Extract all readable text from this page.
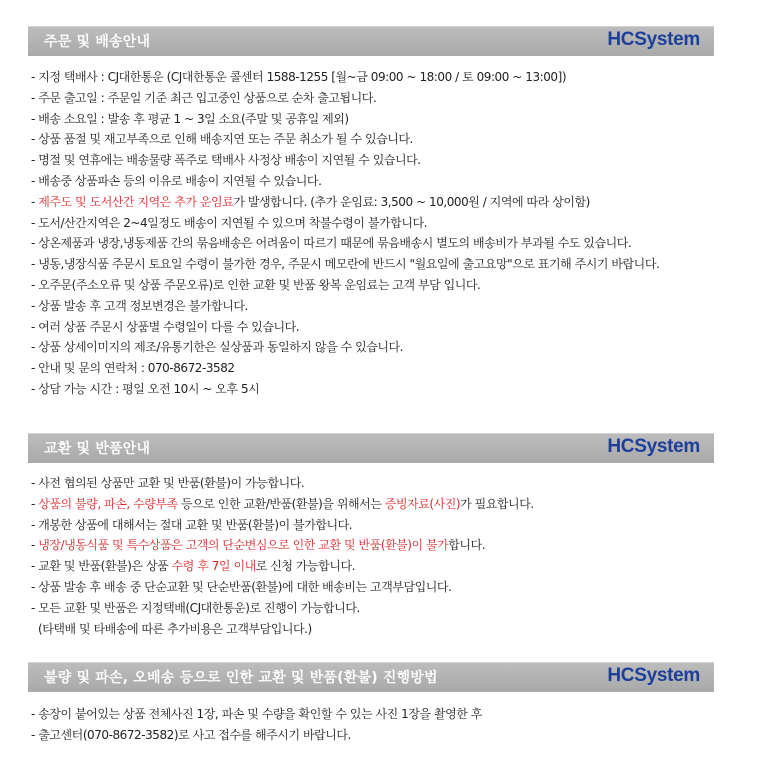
주문 및 배송안내	HCSystem
- 지정 택배사 : CJ대한통운 (CJ대한통운 콜센터 1588-1255 [월~금 09:00 ~ 18:00 / 토 09:00 ~ 13:00])
- 주문 출고일 : 주문일 기준 최근 입고중인 상품으로 순차 출고됩니다.
- 배송 소요일 : 발송 후 평균 1 ~ 3일 소요(주말 및 공휴일 제외)
- 상품 품절 및 재고부족으로 인해 배송지연 또는 주문 취소가 될 수 있습니다.
- 명절 및 연휴에는 배송물량 폭주로 택배사 사정상 배송이 지연될 수 있습니다.
- 배송중 상품파손 등의 이유로 배송이 지연될 수 있습니다.
- 제주도 및 도서산간 지역은 추가 운임료가 발생합니다. (추가 운임료: 3,500 ~ 10,000원 / 지역에 따라 상이함)
- 도서/산간지역은 2~4일정도 배송이 지연될 수 있으며 착불수령이 불가합니다.
- 상온제품과 냉장,냉동제품 간의 묶음배송은 어려움이 따르기 때문에 묶음배송시 별도의 배송비가 부과될 수도 있습니다.
- 냉동,냉장식품 주문시 토요일 수령이 불가한 경우, 주문시 메모란에 반드시 "월요일에 출고요망"으로 표기해 주시기 바랍니다.
- 오주문(주소오류 및 상품 주문오류)로 인한 교환 및 반품 왕복 운임료는 고객 부담 입니다.
- 상품 발송 후 고객 정보변경은 불가합니다.
- 여러 상품 주문시 상품별 수령일이 다를 수 있습니다.
- 상품 상세이미지의 제조/유통기한은 실상품과 동일하지 않을 수 있습니다.
- 안내 및 문의 연락처 : 070-8672-3582
- 상담 가능 시간 : 평일 오전 10시 ~ 오후 5시
교환 및 반품안내	HCSystem
- 사전 협의된 상품만 교환 및 반품(환불)이 가능합니다.
- 상품의 불량, 파손, 수량부족 등으로 인한 교환/반품(환불)을 위해서는 증빙자료(사진)가 필요합니다.
- 개봉한 상품에 대해서는 절대 교환 및 반품(환불)이 불가합니다.
- 냉장/냉동식품 및 특수상품은 고객의 단순변심으로 인한 교환 및 반품(환불)이 불가합니다.
- 교환 및 반품(환불)은 상품 수령 후 7일 이내로 신청 가능합니다.
- 상품 발송 후 배송 중 단순교환 및 단순반품(환불)에 대한 배송비는 고객부담입니다.
- 모든 교환 및 반품은 지정택배(CJ대한통운)로 진행이 가능합니다.
(타택배 및 타배송에 따른 추가비용은 고객부담입니다.)
불량 및 파손, 오배송 등으로 인한 교환 및 반품(환불) 진행방법	HCSystem
- 송장이 붙어있는 상품 전체사진 1장, 파손 및 수량을 확인할 수 있는 사진 1장을 촬영한 후
- 출고센터(070-8672-3582)로 사고 접수를 해주시기 바랍니다.
